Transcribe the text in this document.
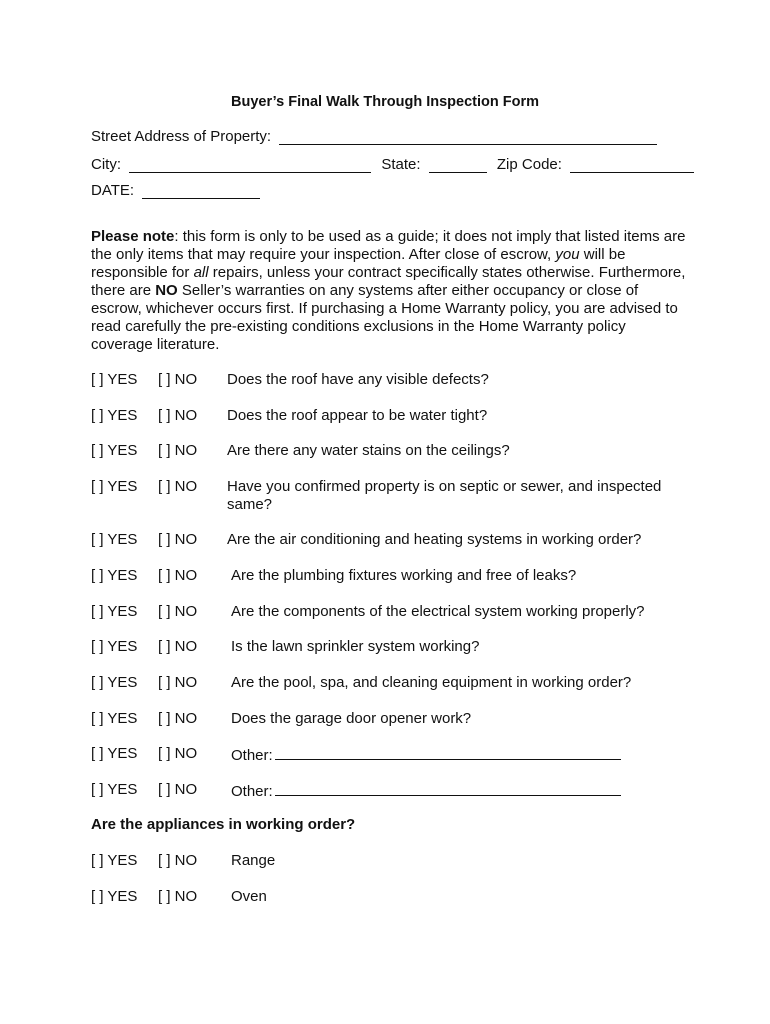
Buyer’s Final Walk Through Inspection Form
Street Address of Property:
City:	State:	Zip Code:
DATE:
Please note: this form is only to be used as a guide; it does not imply that listed items are the only items that may require your inspection. After close of escrow, you will be responsible for all repairs, unless your contract specifically states otherwise. Furthermore, there are NO Seller’s warranties on any systems after either occupancy or close of escrow, whichever occurs first. If purchasing a Home Warranty policy, you are advised to read carefully the pre-existing conditions exclusions in the Home Warranty policy coverage literature.
[ ] YES [ ] NO Does the roof have any visible defects?
[ ] YES [ ] NO Does the roof appear to be water tight?
[ ] YES [ ] NO Are there any water stains on the ceilings?
[ ] YES [ ] NO Have you confirmed property is on septic or sewer, and inspected same?
[ ] YES [ ] NO Are the air conditioning and heating systems in working order?
[ ] YES [ ] NO Are the plumbing fixtures working and free of leaks?
[ ] YES [ ] NO Are the components of the electrical system working properly?
[ ] YES [ ] NO Is the lawn sprinkler system working?
[ ] YES [ ] NO Are the pool, spa, and cleaning equipment in working order?
[ ] YES [ ] NO Does the garage door opener work?
[ ] YES [ ] NO Other:
[ ] YES [ ] NO Other:
Are the appliances in working order?
[ ] YES [ ] NO Range
[ ] YES [ ] NO Oven
